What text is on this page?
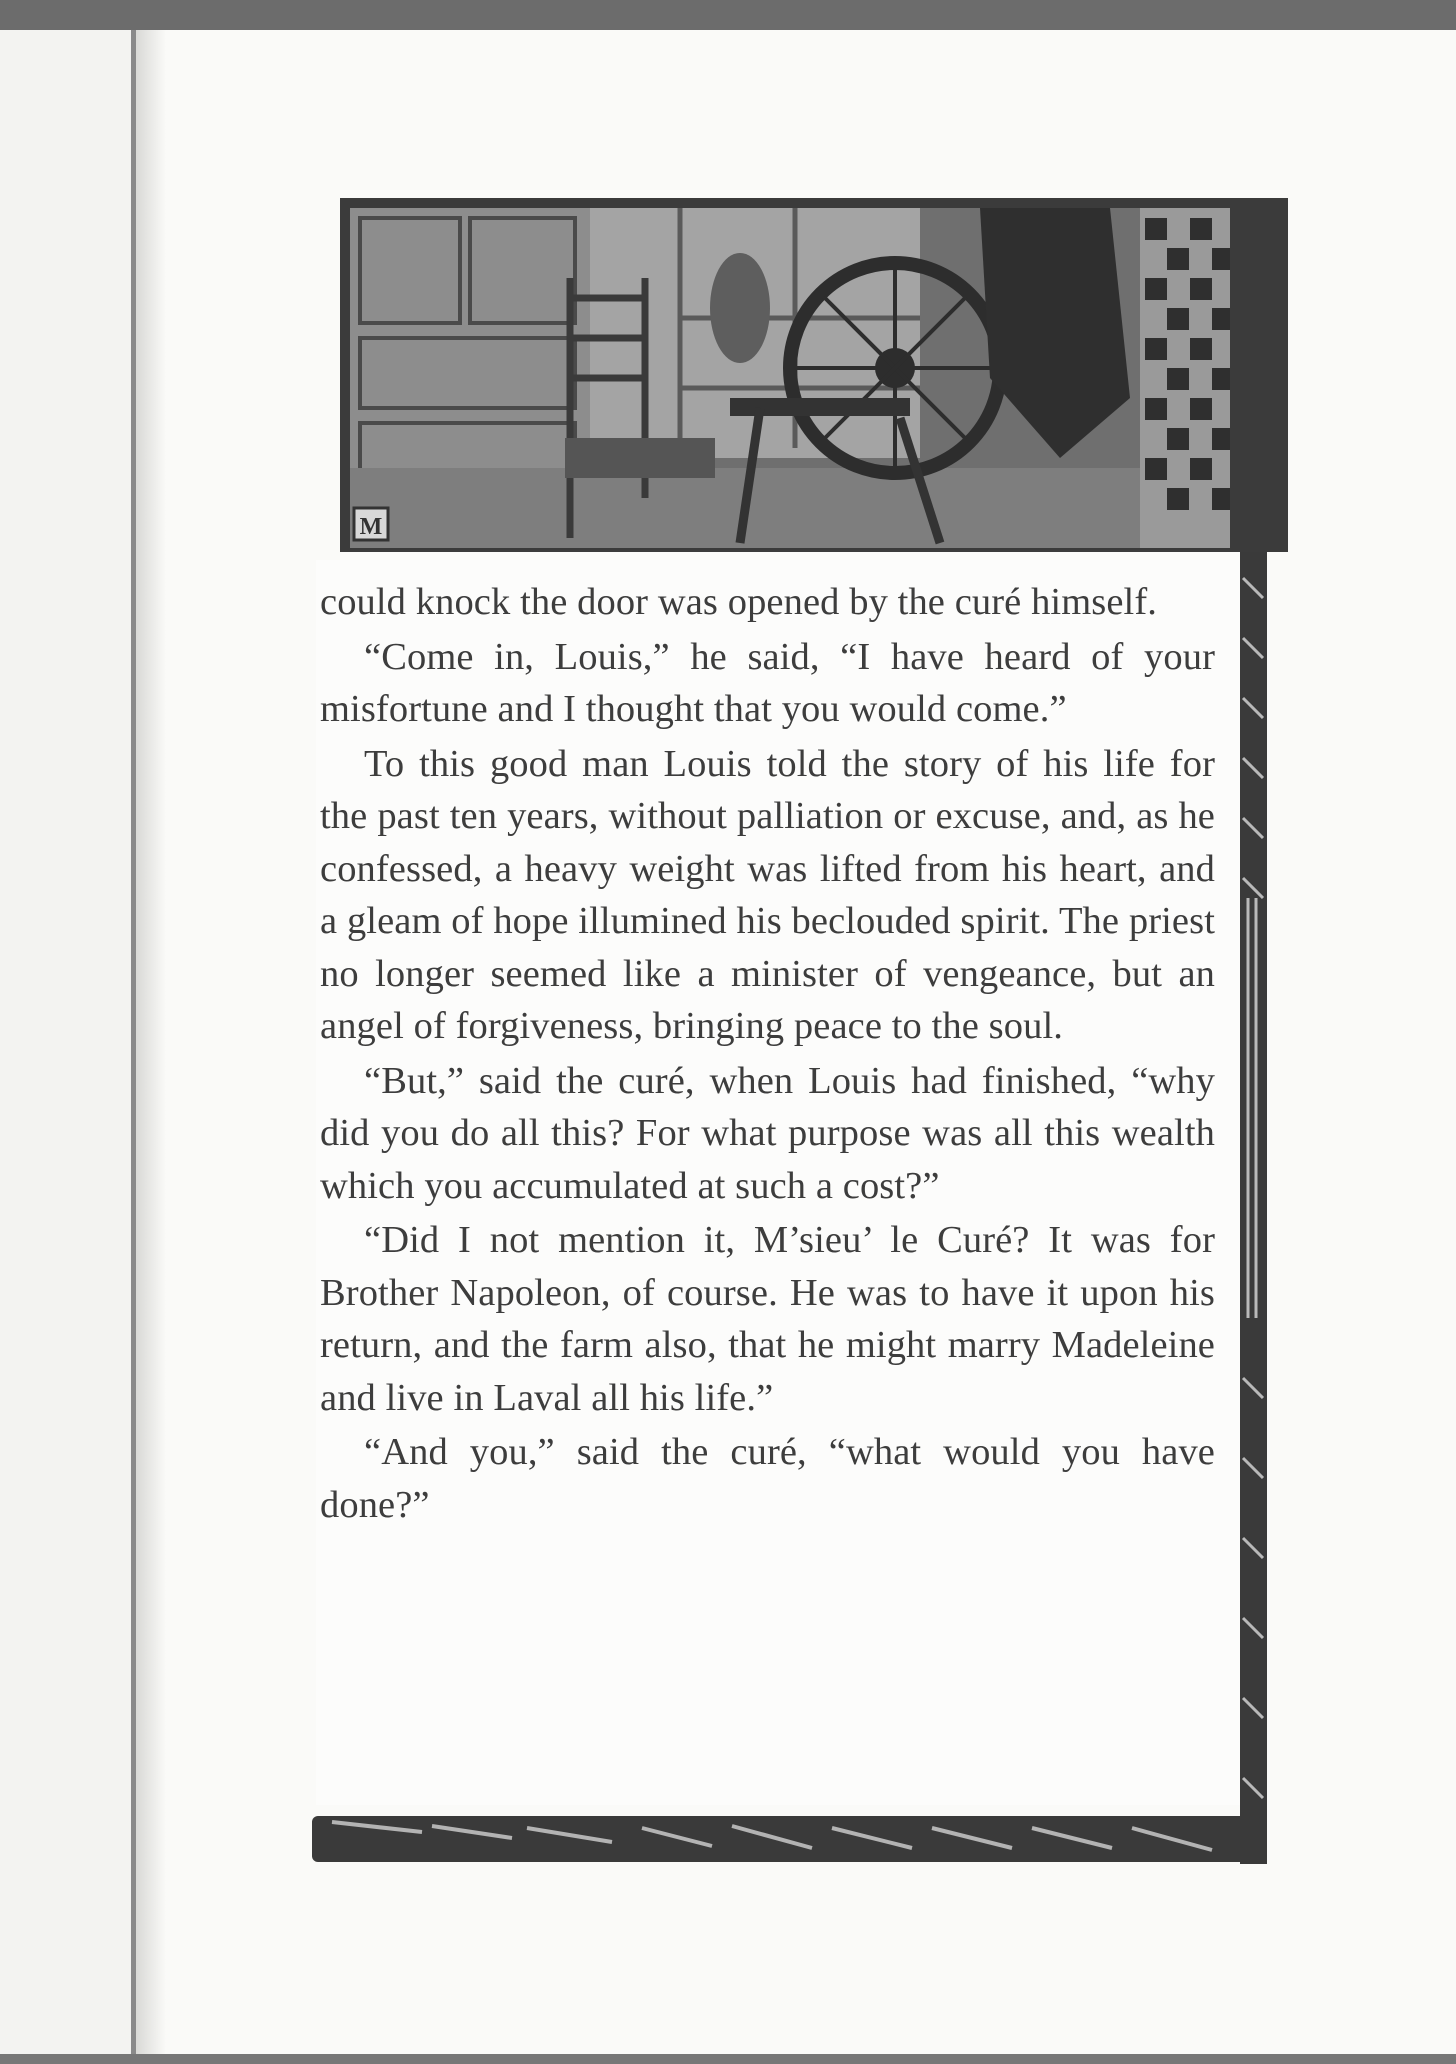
M

could knock the door was opened by the curé himself.

“Come in, Louis,” he said, “I have heard of your misfortune and I thought that you would come.”

To this good man Louis told the story of his life for the past ten years, without palliation or excuse, and, as he confessed, a heavy weight was lifted from his heart, and a gleam of hope illumined his beclouded spirit. The priest no longer seemed like a minister of vengeance, but an angel of forgiveness, bringing peace to the soul.

“But,” said the curé, when Louis had finished, “why did you do all this? For what purpose was all this wealth which you accumulated at such a cost?”

“Did I not mention it, M’sieu’ le Curé? It was for Brother Napoleon, of course. He was to have it upon his return, and the farm also, that he might marry Madeleine and live in Laval all his life.”

“And you,” said the curé, “what would you have done?”
